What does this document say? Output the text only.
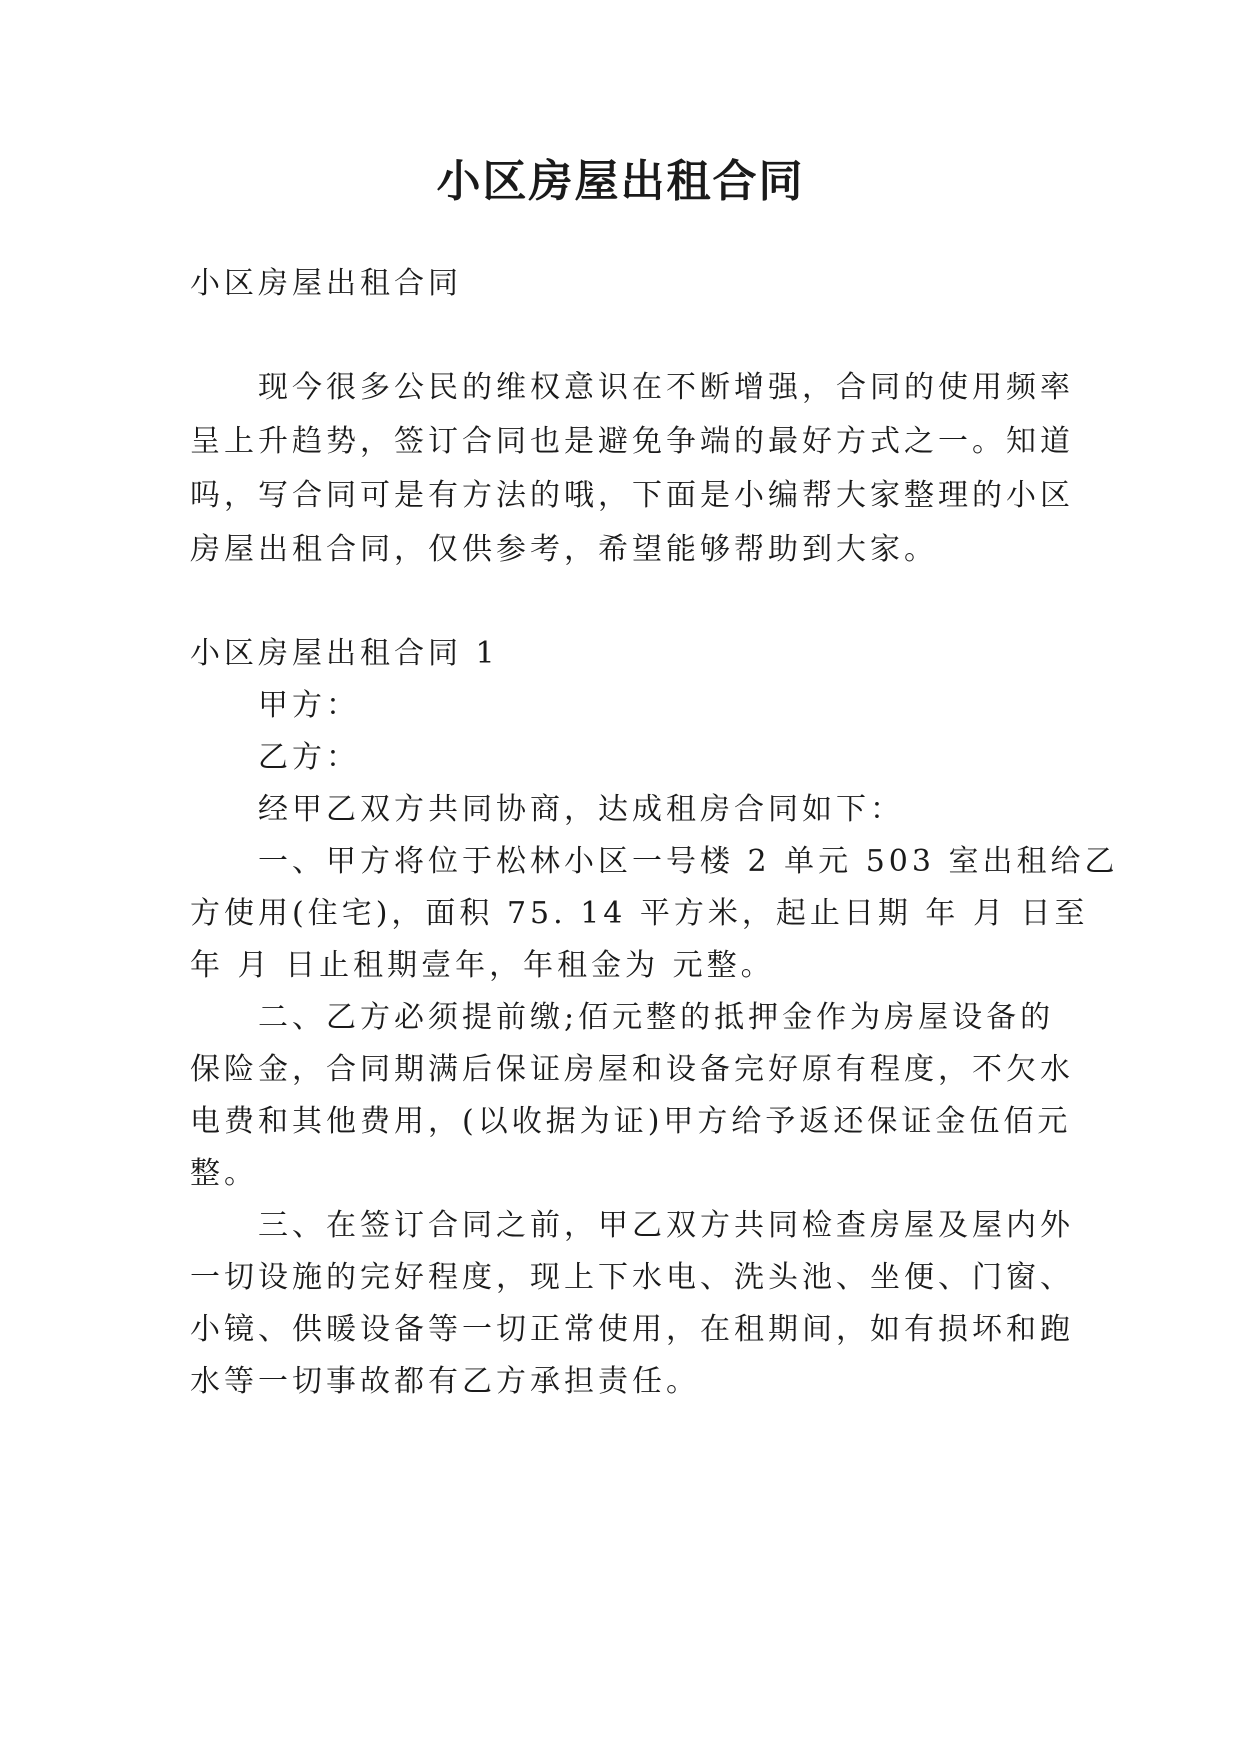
小区房屋出租合同
小区房屋出租合同
现今很多公民的维权意识在不断增强，合同的使用频率
呈上升趋势，签订合同也是避免争端的最好方式之一。知道
吗，写合同可是有方法的哦，下面是小编帮大家整理的小区
房屋出租合同，仅供参考，希望能够帮助到大家。
小区房屋出租合同 1
甲方：
乙方：
经甲乙双方共同协商，达成租房合同如下：
一、甲方将位于松林小区一号楼 2 单元 503 室出租给乙
方使用(住宅)，面积 75. 14 平方米，起止日期 年 月 日至
年 月 日止租期壹年，年租金为 元整。
二、乙方必须提前缴;佰元整的抵押金作为房屋设备的
保险金，合同期满后保证房屋和设备完好原有程度，不欠水
电费和其他费用，(以收据为证)甲方给予返还保证金伍佰元
整。
三、在签订合同之前，甲乙双方共同检查房屋及屋内外
一切设施的完好程度，现上下水电、洗头池、坐便、门窗、
小镜、供暖设备等一切正常使用，在租期间，如有损坏和跑
水等一切事故都有乙方承担责任。
